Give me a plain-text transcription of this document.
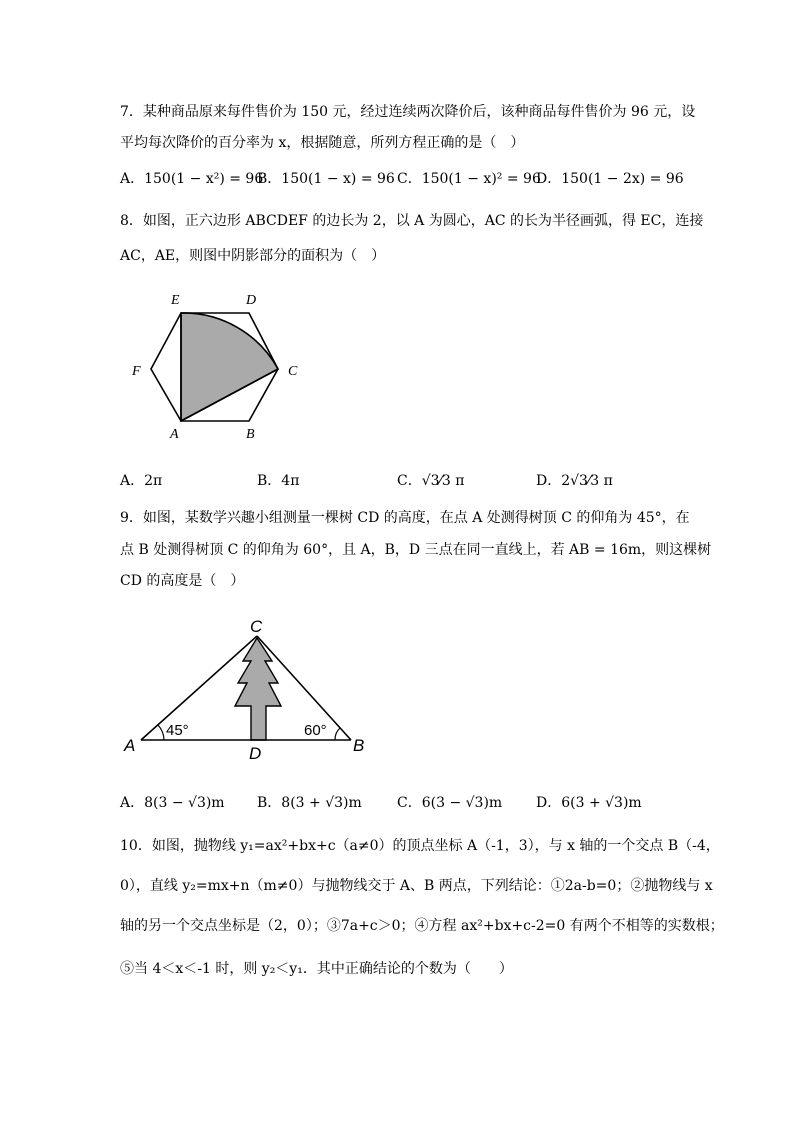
7．某种商品原来每件售价为 150 元，经过连续两次降价后，该种商品每件售价为 96 元，设
平均每次降价的百分率为 x，根据随意，所列方程正确的是（　）
A．150(1 − x²) = 96
B．150(1 − x) = 96 C．150(1 − x)² = 96
D．150(1 − 2x) = 96
8．如图，正六边形 ABCDEF 的边长为 2，以 A 为圆心，AC 的长为半径画弧，得 EC，连接
AC，AE，则图中阴影部分的面积为（　）
E	D
F	C
A	B
A．2π	B．4π	C．√3⁄3 π	D．2√3⁄3 π
9．如图，某数学兴趣小组测量一棵树 CD 的高度，在点 A 处测得树顶 C 的仰角为 45°，在
点 B 处测得树顶 C 的仰角为 60°，且 A，B，D 三点在同一直线上，若 AB = 16m，则这棵树
CD 的高度是（　）
C
A	D	B
45°	60°
A．8(3 − √3)m B．8(3 + √3)m	C．6(3 − √3)m D．6(3 + √3)m
10．如图，抛物线 y₁=ax²+bx+c（a≠0）的顶点坐标 A（-1，3），与 x 轴的一个交点 B（-4，
0），直线 y₂=mx+n（m≠0）与抛物线交于 A、B 两点，下列结论：①2a-b=0；②抛物线与 x
轴的另一个交点坐标是（2，0）；③7a+c＞0；④方程 ax²+bx+c-2=0 有两个不相等的实数根；
⑤当 4＜x＜-1 时，则 y₂＜y₁．其中正确结论的个数为（　　）
